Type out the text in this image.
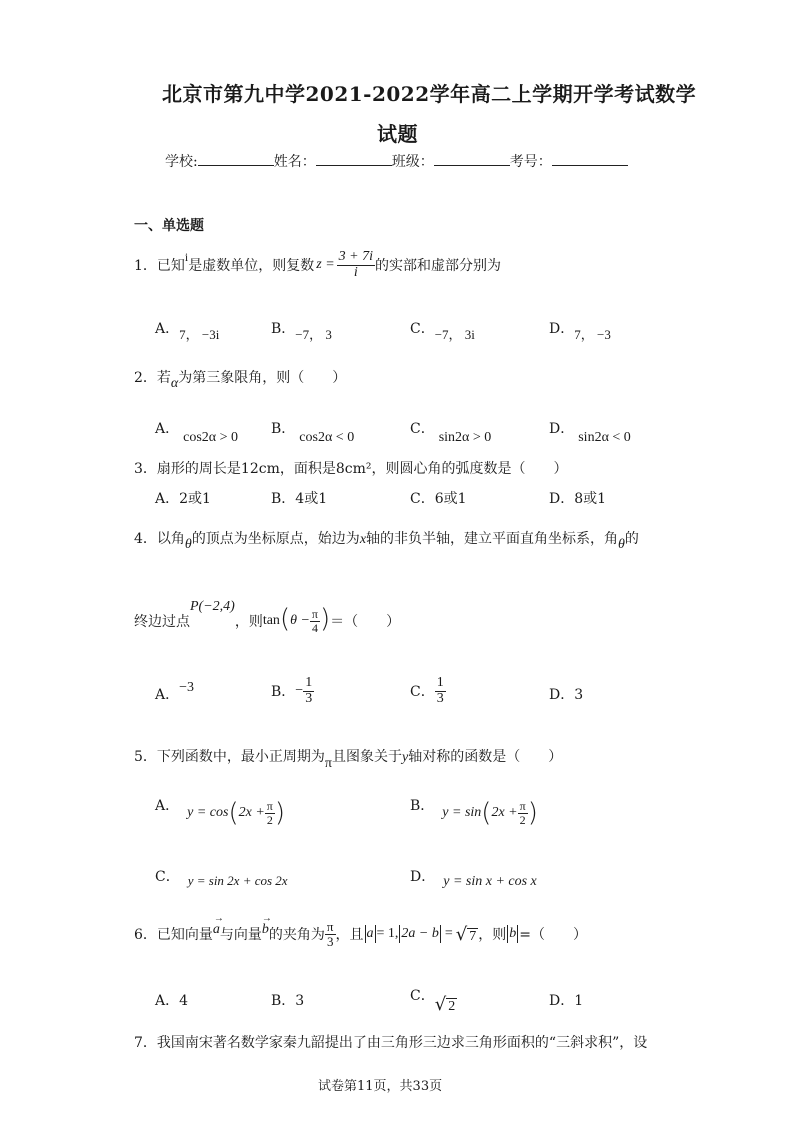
北京市第九中学2021-2022学年高二上学期开学考试数学
试题
学校:	姓名：	班级：	考号：
一、单选题
1． 已知
i
是虚数单位，则复数 $z = \frac{3 + 7i}{i}$ 的实部和虚部分别为
A．7， −3i	B．−7， 3	C．−7， 3i	D．7， −3
2．若α为第三象限角，则（　　）
A．cos2α > 0
B．cos2α < 0
C．sin2α > 0
D．sin2α < 0
3．扇形的周长是12cm，面积是8cm²，则圆心角的弧度数是（　　）
A．2或1	B．4或1	C．6或1	D．8或1
4．以角θ的顶点为坐标原点，始边为x轴的非负半轴，建立平面直角坐标系，角θ的
终边过点
P(−2,4)
，则 tan ( $\theta - \frac{\pi}{4}$ ) ＝（　　）
A．−3	B． − $\frac{1}{3}$	C． $\frac{1}{3}$	D．3
5．下列函数中，最小正周期为π且图象关于y轴对称的函数是（　　）
A． y = cos ( $2x + \frac{\pi}{2}$ )	B． y = sin ( $2x + \frac{\pi}{2}$ )
C． y = sin 2x + cos 2x	D． y = sin x + cos x
6． 已知向量
→
a 与向量
→
b 的夹角为 $\frac{\pi}{3}$ ，且 a = 1, 2a − b = √ 7 ，则 b =（　　）
A．4	B．3	C． √ 2	D．1
7．我国南宋著名数学家秦九韶提出了由三角形三边求三角形面积的“三斜求积”，设
试卷第11页，共33页
